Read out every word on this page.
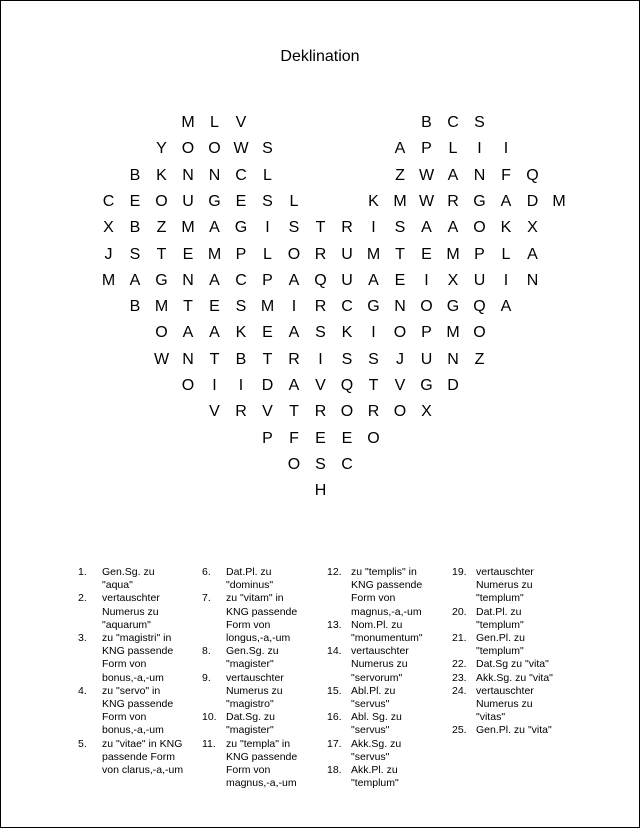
Deklination
M L	V	B C S
Y O O W S	A P	L	I	I
B K N N C	L	Z W A N F Q
C E O U G E S	L	K M W R G A D M
X B	Z M A G	I	S	T R	I	S A A O K X
J	S	T	E M P	L O R U M T	E M P	L	A
M A G N A C P A Q U A E	I	X U	I	N
B M T	E S M	I	R C G N O G Q A
O A A K E A S K	I	O P M O
W N T	B	T R	I	S S	J	U N Z
O	I	I	D A V Q T	V G D
V R V	T R O R O X
P	F	E E O
O S C
H
1.	Gen.Sg. zu
"aqua"
2.	vertauschter
Numerus zu
"aquarum"
3.	zu "magistri" in
KNG passende
Form von
bonus,-a,-um
4.	zu "servo" in
KNG passende
Form von
bonus,-a,-um
5.	zu "vitae" in KNG
passende Form
von clarus,-a,-um
6.	Dat.Pl. zu
"dominus"
7.	zu "vitam" in
KNG passende
Form von
longus,-a,-um
8.	Gen.Sg. zu
"magister"
9.	vertauschter
Numerus zu
"magistro"
10. Dat.Sg. zu
"magister"
11. zu "templa" in
KNG passende
Form von
magnus,-a,-um
12. zu "templis" in
KNG passende
Form von
magnus,-a,-um
13. Nom.Pl. zu
"monumentum"
14. vertauschter
Numerus zu
"servorum"
15. Abl.Pl. zu
"servus"
16. Abl. Sg. zu
"servus"
17. Akk.Sg. zu
"servus"
18. Akk.Pl. zu
"templum"
19. vertauschter
Numerus zu
"templum"
20. Dat.Pl. zu
"templum"
21. Gen.Pl. zu
"templum"
22. Dat.Sg zu "vita"
23. Akk.Sg. zu "vita"
24. vertauschter
Numerus zu
"vitas"
25. Gen.Pl. zu "vita"
